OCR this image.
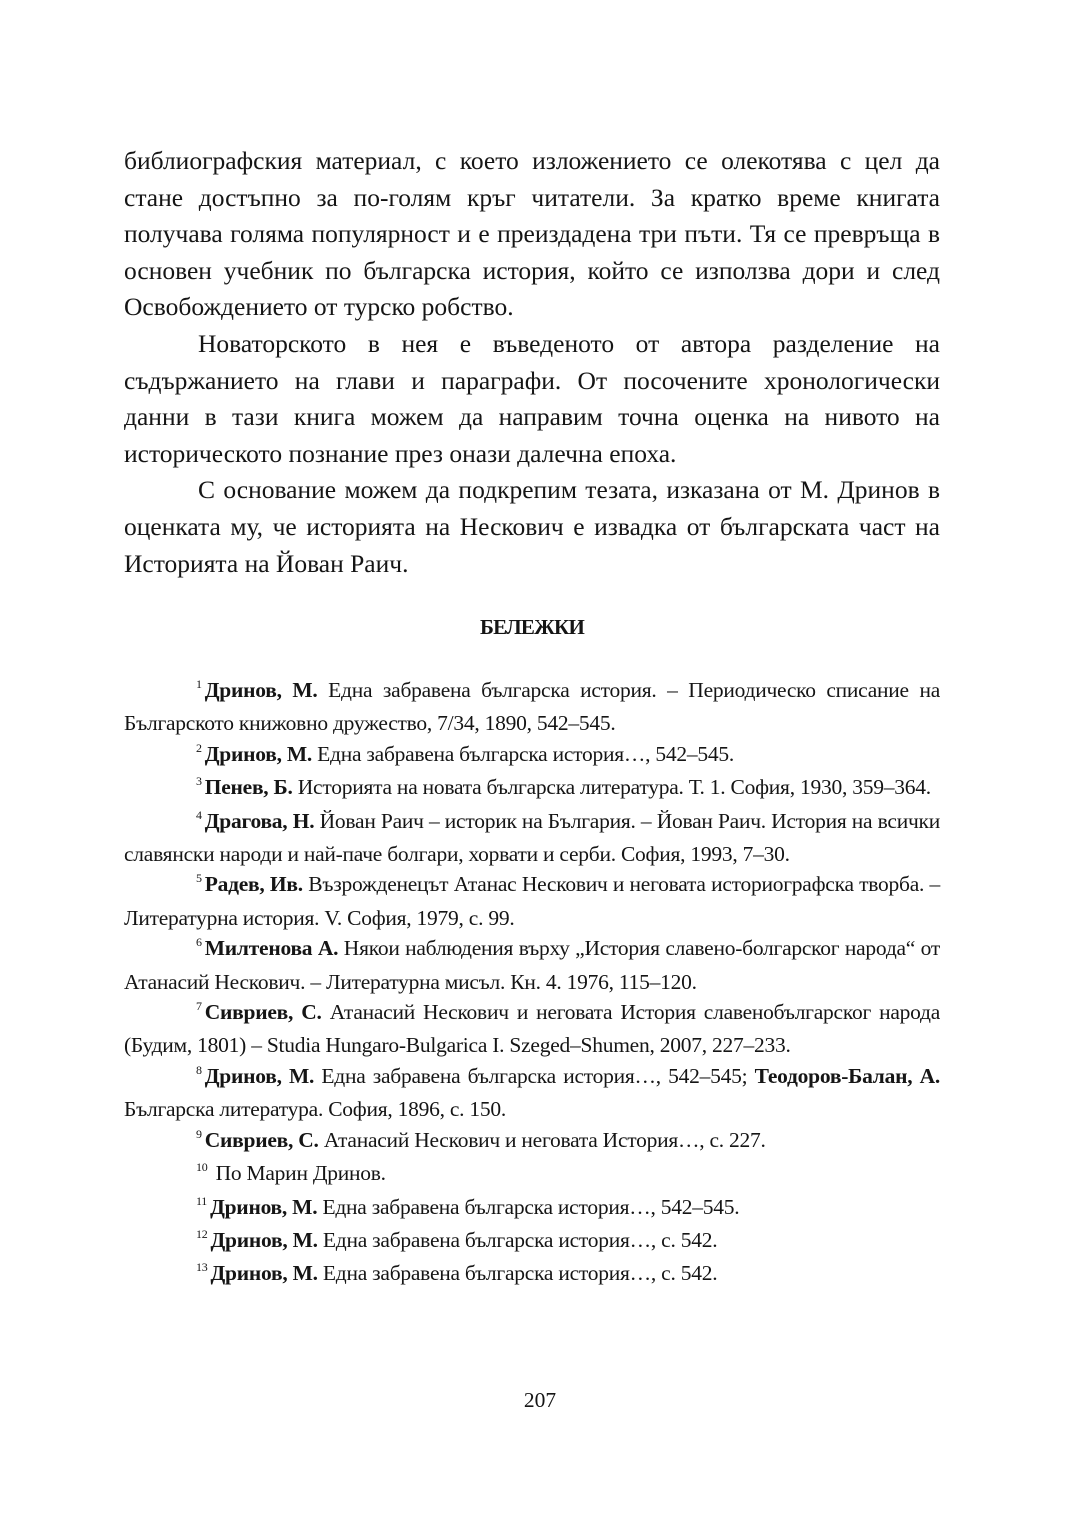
библиографския материал, с което изложението се олекотява с цел да стане достъпно за по-голям кръг читатели. За кратко време книгата получава голяма популярност и е преиздадена три пъти. Тя се превръща в основен учебник по българска история, който се използва дори и след Освобождението от турско робство.

Новаторското в нея е въведеното от автора разделение на съдържанието на глави и параграфи. От посочените хронологически данни в тази книга можем да направим точна оценка на нивото на историческото познание през онази далечна епоха.

С основание можем да подкрепим тезата, изказана от М. Дринов в оценката му, че историята на Нескович е извадка от българската част на Историята на Йован Раич.

БЕЛЕЖКИ

$^1$ Дринов, М. Една забравена българска история. – Периодическо списание на Българското книжовно дружество, 7/34, 1890, 542–545.

$^2$ Дринов, М. Една забравена българска история…, 542–545.

$^3$ Пенев, Б. Историята на новата българска литература. Т. 1. София, 1930, 359–364.

$^4$ Драгова, Н. Йован Раич – историк на България. – Йован Раич. История на всички славянски народи и най-паче болгари, хорвати и серби. София, 1993, 7–30.

$^5$ Радев, Ив. Възрожденецът Атанас Нескович и неговата историографска творба. – Литературна история. V. София, 1979, с. 99.

$^6$ Милтенова А. Някои наблюдения върху „История славено-болгарског народа“ от Атанасий Нескович. – Литературна мисъл. Кн. 4. 1976, 115–120.

$^7$ Сивриев, С. Атанасий Нескович и неговата История славенобългарског народа (Будим, 1801) – Studia Hungaro-Bulgarica I. Szeged–Shumen, 2007, 227–233.

$^8$ Дринов, М. Една забравена българска история…, 542–545; Теодоров-Балан, А. Българска литература. София, 1896, с. 150.

$^9$ Сивриев, С. Атанасий Нескович и неговата История…, с. 227.

$^{10}$ По Марин Дринов.

$^{11}$ Дринов, М. Една забравена българска история…, 542–545.

$^{12}$ Дринов, М. Една забравена българска история…, с. 542.

$^{13}$ Дринов, М. Една забравена българска история…, с. 542.

207
